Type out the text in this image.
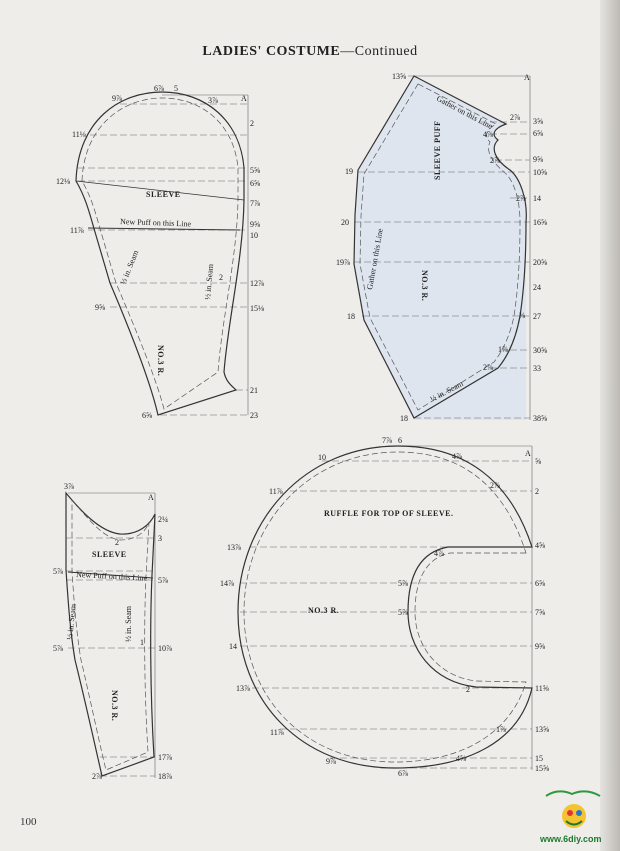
LADIES' COSTUME—Continued
SLEEVE
New Puff on this Line
NO.3 R.
½ in. Seam	½ in. Seam
9⅞
6⅞ 5
3⅞	A
11⅛
12⅛
11⅞
9⅝
6⅝
2
5⅝
6⅝
7⅞
9⅝
10
2
12⅞
15⅛
21
23
SLEEVE PUFF
NO.3 R.
Gather on this Line
Gather on this Line
½ in. Seam
13⅝	A
19
20
19⅞
18
18
2⅞
4⅞
2⅞
2⅞
⅜
1⅞
2⅞
3⅝
6⅝
9⅝
10⅝
14
16⅝
20⅝
24
27
30⅝
33
38⅝
SLEEVE
New Puff on this Line
NO.3 R.
½ in. Seam	½ in. Seam
3⅞
A
5⅞
5⅞
2⅞
2
1
2¼
3
5⅞
10⅞
17⅞
18⅞
RUFFLE FOR TOP OF SLEEVE.
NO.3 R.
7⅞ 6
10	4⅞	A
⅝
11⅞
13⅞
14⅞
14
13⅞
11⅞
9⅞
2⅞
4⅞
5⅞
5⅞
2
1⅞
4⅝
6⅞
2
4⅝
6⅝
7⅝
9⅝
11⅝
13⅝
15
15⅝
100
www.6diy.com
